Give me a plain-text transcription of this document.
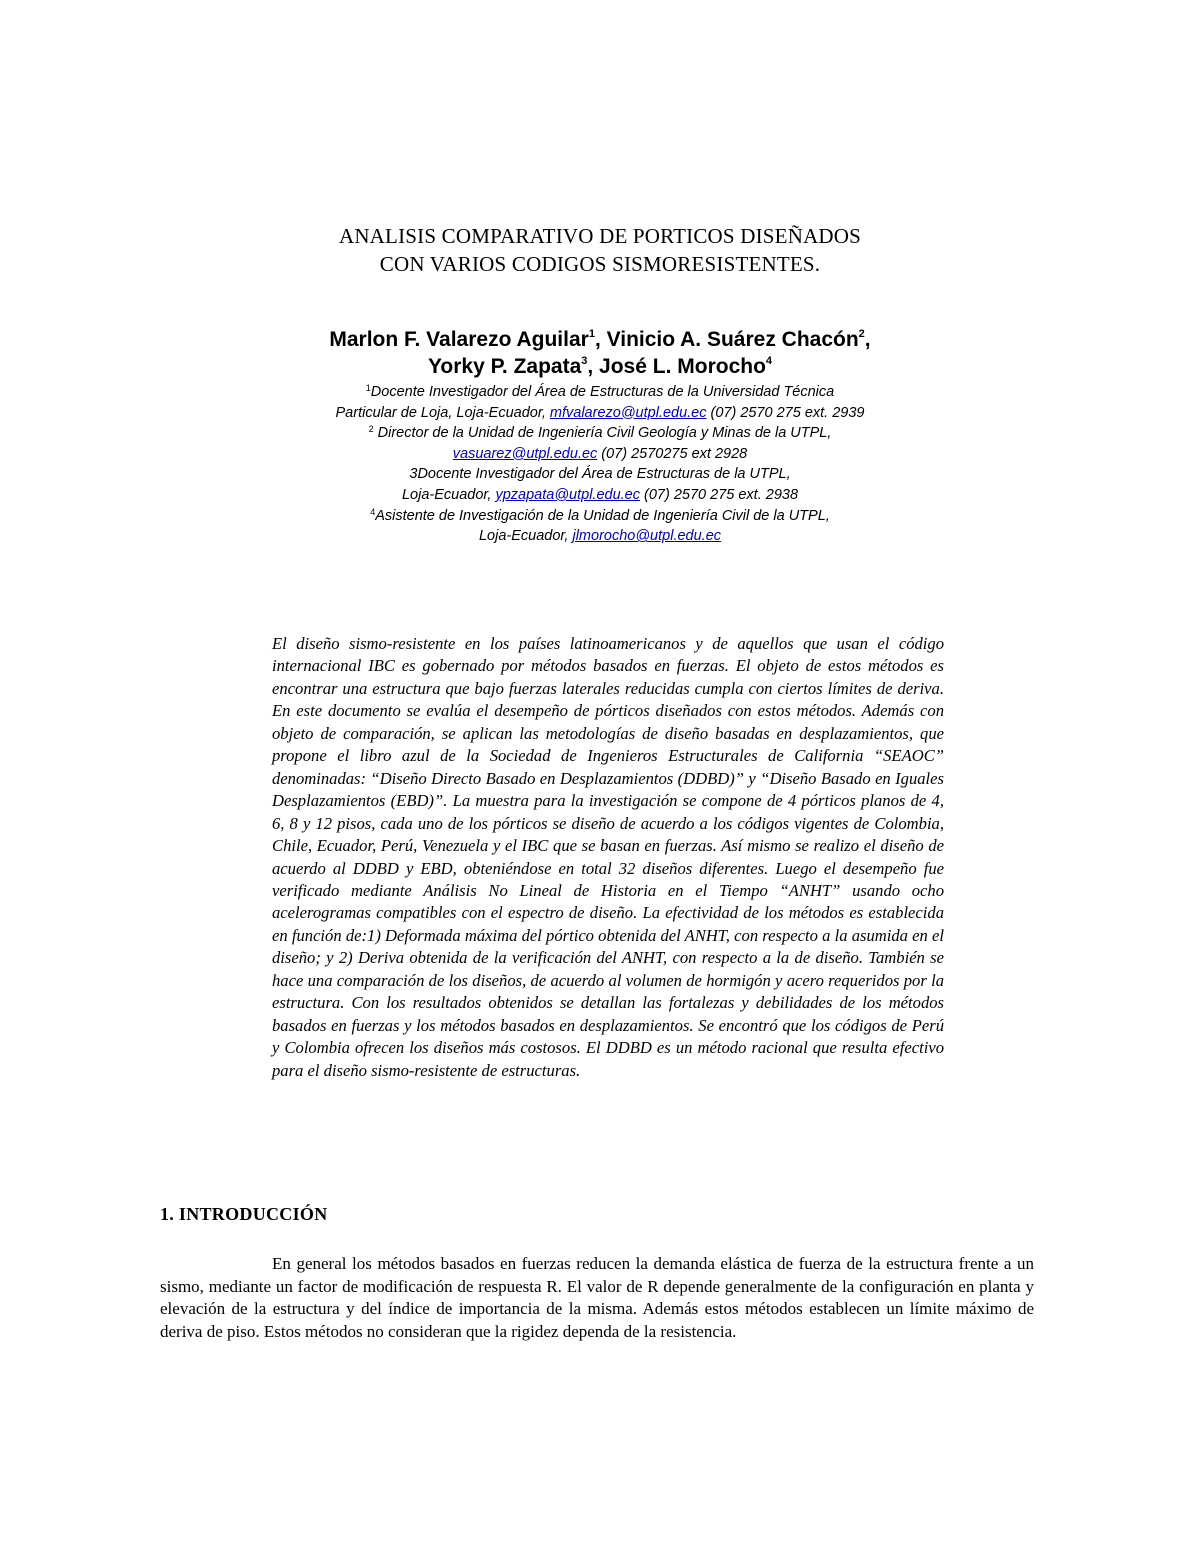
ANALISIS COMPARATIVO DE PORTICOS DISEÑADOS
CON VARIOS CODIGOS SISMORESISTENTES.
Marlon F. Valarezo Aguilar$^1$, Vinicio A. Suárez Chacón$^2$,
Yorky P. Zapata$^3$, José L. Morocho$^4$
$^1$Docente Investigador del Área de Estructuras de la Universidad Técnica
Particular de Loja, Loja-Ecuador, mfvalarezo@utpl.edu.ec (07) 2570 275 ext. 2939
$^2$ Director de la Unidad de Ingeniería Civil Geología y Minas de la UTPL,
vasuarez@utpl.edu.ec (07) 2570275 ext 2928
3Docente Investigador del Área de Estructuras de la UTPL,
Loja-Ecuador, ypzapata@utpl.edu.ec (07) 2570 275 ext. 2938
$^4$Asistente de Investigación de la Unidad de Ingeniería Civil de la UTPL,
Loja-Ecuador, jlmorocho@utpl.edu.ec
El diseño sismo-resistente en los países latinoamericanos y de aquellos que usan el código internacional IBC es gobernado por métodos basados en fuerzas. El objeto de estos métodos es encontrar una estructura que bajo fuerzas laterales reducidas cumpla con ciertos límites de deriva. En este documento se evalúa el desempeño de pórticos diseñados con estos métodos. Además con objeto de comparación, se aplican las metodologías de diseño basadas en desplazamientos, que propone el libro azul de la Sociedad de Ingenieros Estructurales de California “SEAOC” denominadas: “Diseño Directo Basado en Desplazamientos (DDBD)” y “Diseño Basado en Iguales Desplazamientos (EBD)”. La muestra para la investigación se compone de 4 pórticos planos de 4, 6, 8 y 12 pisos, cada uno de los pórticos se diseño de acuerdo a los códigos vigentes de Colombia, Chile, Ecuador, Perú, Venezuela y el IBC que se basan en fuerzas. Así mismo se realizo el diseño de acuerdo al DDBD y EBD, obteniéndose en total 32 diseños diferentes. Luego el desempeño fue verificado mediante Análisis No Lineal de Historia en el Tiempo “ANHT” usando ocho acelerogramas compatibles con el espectro de diseño. La efectividad de los métodos es establecida en función de:1) Deformada máxima del pórtico obtenida del ANHT, con respecto a la asumida en el diseño; y 2) Deriva obtenida de la verificación del ANHT, con respecto a la de diseño. También se hace una comparación de los diseños, de acuerdo al volumen de hormigón y acero requeridos por la estructura. Con los resultados obtenidos se detallan las fortalezas y debilidades de los métodos basados en fuerzas y los métodos basados en desplazamientos. Se encontró que los códigos de Perú y Colombia ofrecen los diseños más costosos. El DDBD es un método racional que resulta efectivo para el diseño sismo-resistente de estructuras.
1. INTRODUCCIÓN
En general los métodos basados en fuerzas reducen la demanda elástica de fuerza de la estructura frente a un sismo, mediante un factor de modificación de respuesta R. El valor de R depende generalmente de la configuración en planta y elevación de la estructura y del índice de importancia de la misma. Además estos métodos establecen un límite máximo de deriva de piso. Estos métodos no consideran que la rigidez dependa de la resistencia.
